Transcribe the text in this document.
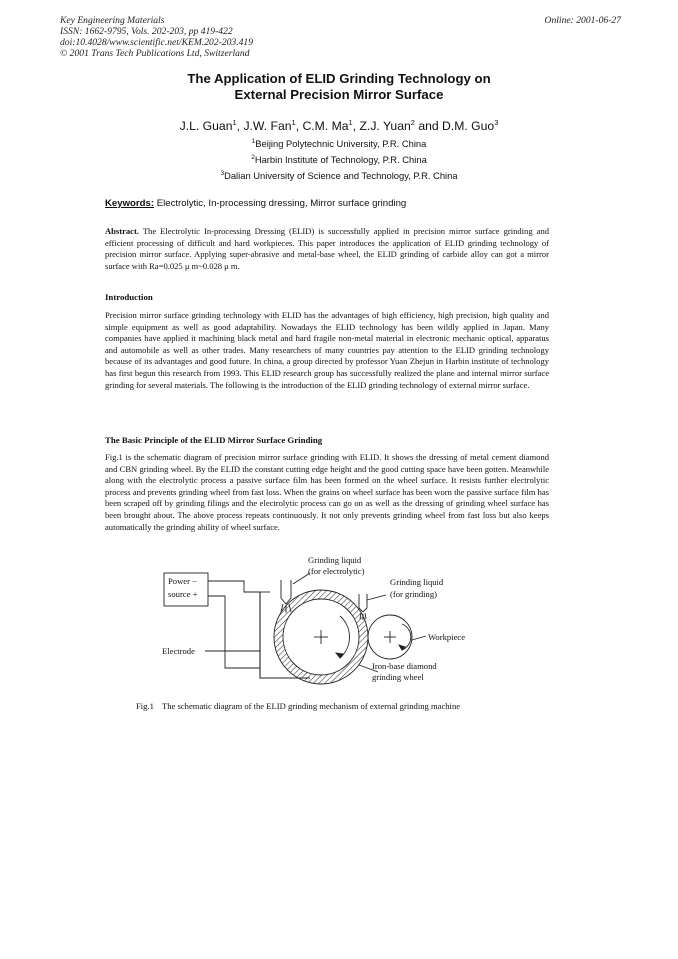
Key Engineering Materials
ISSN: 1662-9795, Vols. 202-203, pp 419-422
doi:10.4028/www.scientific.net/KEM.202-203.419
© 2001 Trans Tech Publications Ltd, Switzerland
Online: 2001-06-27
The Application of ELID Grinding Technology on
External Precision Mirror Surface
J.L. Guan$^1$, J.W. Fan$^1$, C.M. Ma$^1$, Z.J. Yuan$^2$ and D.M. Guo$^3$
$^1$Beijing Polytechnic University, P.R. China
$^2$Harbin Institute of Technology, P.R. China
$^3$Dalian University of Science and Technology, P.R. China
Keywords: Electrolytic, In-processing dressing, Mirror surface grinding
Abstract. The Electrolytic In-processing Dressing (ELID) is successfully applied in precision mirror surface grinding and efficient processing of difficult and hard workpieces. This paper introduces the application of ELID grinding technology of precision mirror surface. Applying super-abrasive and metal-base wheel, the ELID grinding of carbide alloy can got a mirror surface with Ra=0.025 μ m~0.028 μ m.
Introduction
Precision mirror surface grinding technology with ELID has the advantages of high efficiency, high precision, high quality and simple equipment as well as good adaptability. Nowadays the ELID technology has been wildly applied in Japan. Many companies have applied it machining black metal and hard fragile non-metal material in electronic mechanic optical, apparatus and automobile as well as other trades. Many researchers of many countries pay attention to the ELID grinding technology because of its advantages and good future. In china, a group directed by professor Yuan Zhejun in Harbin institute of technology has first begun this research from 1993. This ELID research group has successfully realized the plane and internal mirror surface grinding for several materials. The following is the introduction of the ELID grinding technology of external mirror surface.
The Basic Principle of the ELID Mirror Surface Grinding
Fig.1 is the schematic diagram of precision mirror surface grinding with ELID. It shows the dressing of metal cement diamond and CBN grinding wheel. By the ELID the constant cutting edge height and the good cutting space have been gotten. Meanwhile along with the electrolytic process a passive surface film has been formed on the wheel surface. It resists further electrolytic process and prevents grinding wheel from fast loss. When the grains on wheel surface has been worn the passive surface film has been scraped off by grinding filings and the electrolytic process can go on as well as the dressing of grinding wheel surface has been brought about. The above process repeats continuously. It not only prevents grinding wheel from fast loss but also keeps automatically the grinding ability of wheel surface.
Grinding liquid
(for electrolytic)
Grinding liquid
(for grinding)
Power −
source +
Electrode
Workpiece
Iron-base diamond
grinding wheel
Fig.1 The schematic diagram of the ELID grinding mechanism of external grinding machine
